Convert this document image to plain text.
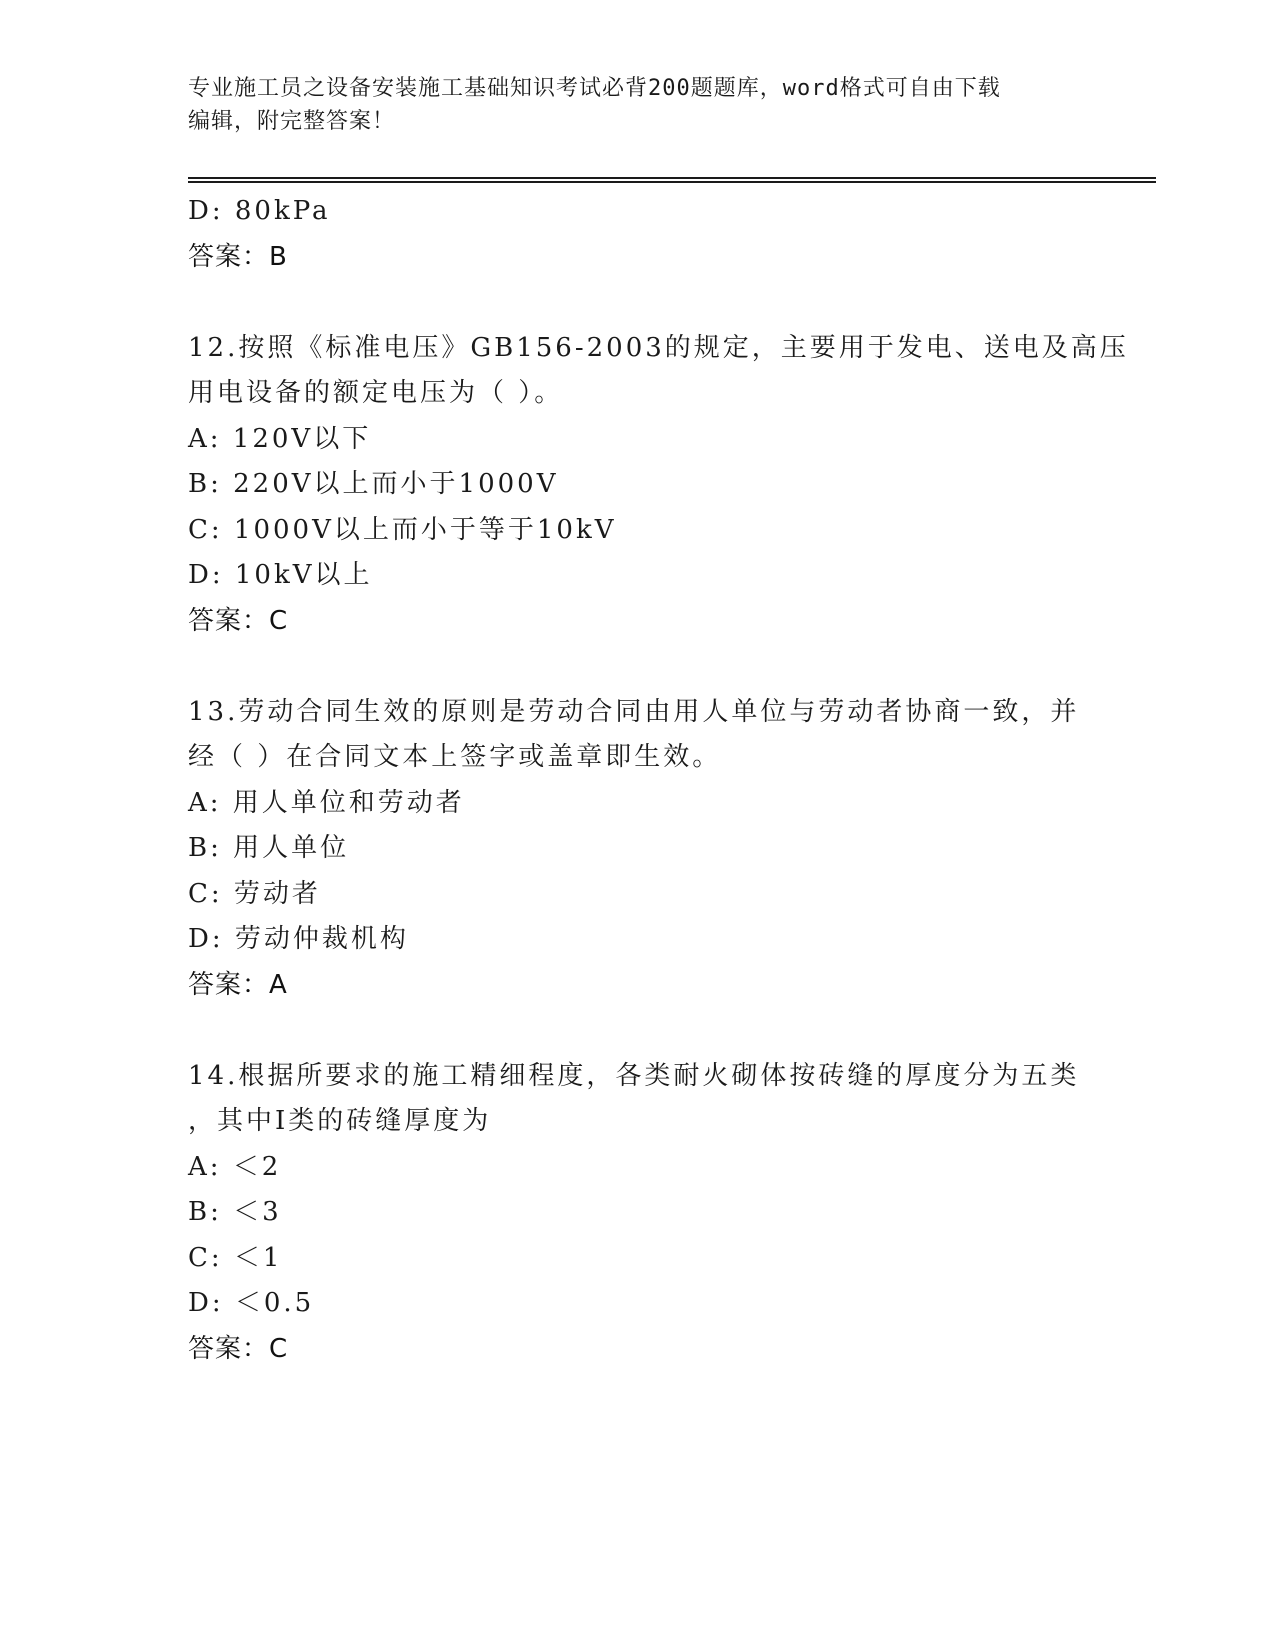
专业施工员之设备安装施工基础知识考试必背200题题库，word格式可自由下载
编辑，附完整答案！
D: 80kPa
答案：B
12.按照《标准电压》GB156-2003的规定，主要用于发电、送电及高压
用电设备的额定电压为（ ）。
A: 120V以下
B: 220V以上而小于1000V
C: 1000V以上而小于等于10kV
D: 10kV以上
答案：C
13.劳动合同生效的原则是劳动合同由用人单位与劳动者协商一致，并
经（ ）在合同文本上签字或盖章即生效。
A: 用人单位和劳动者
B: 用人单位
C: 劳动者
D: 劳动仲裁机构
答案：A
14.根据所要求的施工精细程度，各类耐火砌体按砖缝的厚度分为五类
，其中I类的砖缝厚度为
A: ＜2
B: ＜3
C: ＜1
D: ＜0.5
答案：C
